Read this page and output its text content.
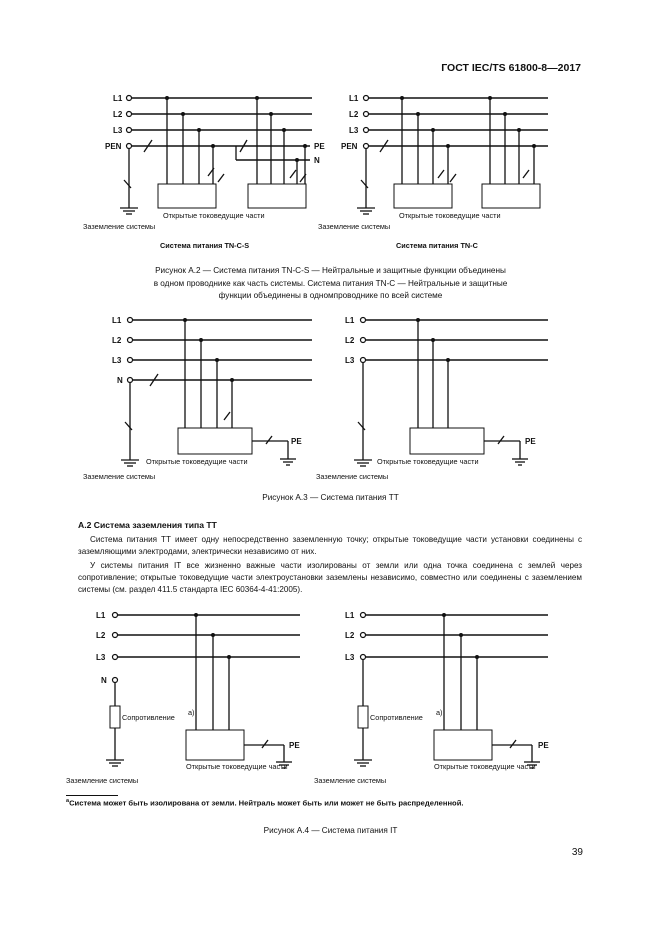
ГОСТ IEC/TS 61800-8—2017
L1
L2
L3
PEN	PE
N
Открытые токоведущие части
Заземление системы
Система питания TN-C-S
L1
L2
L3
PEN
Открытые токоведущие части
Заземление системы
Система питания TN-C
L1
L2
L3
N
PE
Открытые токоведущие части
Заземление системы
L1
L2
L3
PE
Открытые токоведущие части
Заземление системы
L1
L2
L3
N
Сопротивление
а)
PE
Открытые токоведущие части
Заземление системы
L1
L2
L3
Сопротивление
а)
PE
Открытые токоведущие части
Заземление системы
Рисунок А.2 — Система питания TN-C-S — Нейтральные и защитные функции объединены
в одном проводнике как часть системы. Система питания TN-C — Нейтральные и защитные
функции объединены в одномпроводнике по всей системе
Рисунок А.3 — Система питания ТТ
А.2 Система заземления типа ТТ
Система питания ТТ имеет одну непосредственно заземленную точку; открытые токоведущие части установки соединены с заземляющими электродами, электрически независимо от них.
У системы питания IT все жизненно важные части изолированы от земли или одна точка соединена с землей через сопротивление; открытые токоведущие части электроустановки заземлены независимо, совместно или соединены с заземлением системы (см. раздел 411.5 стандарта IEC 60364-4-41:2005).
$^a$Система может быть изолирована от земли. Нейтраль может быть или может не быть распределенной.
Рисунок А.4 — Система питания IT
39
